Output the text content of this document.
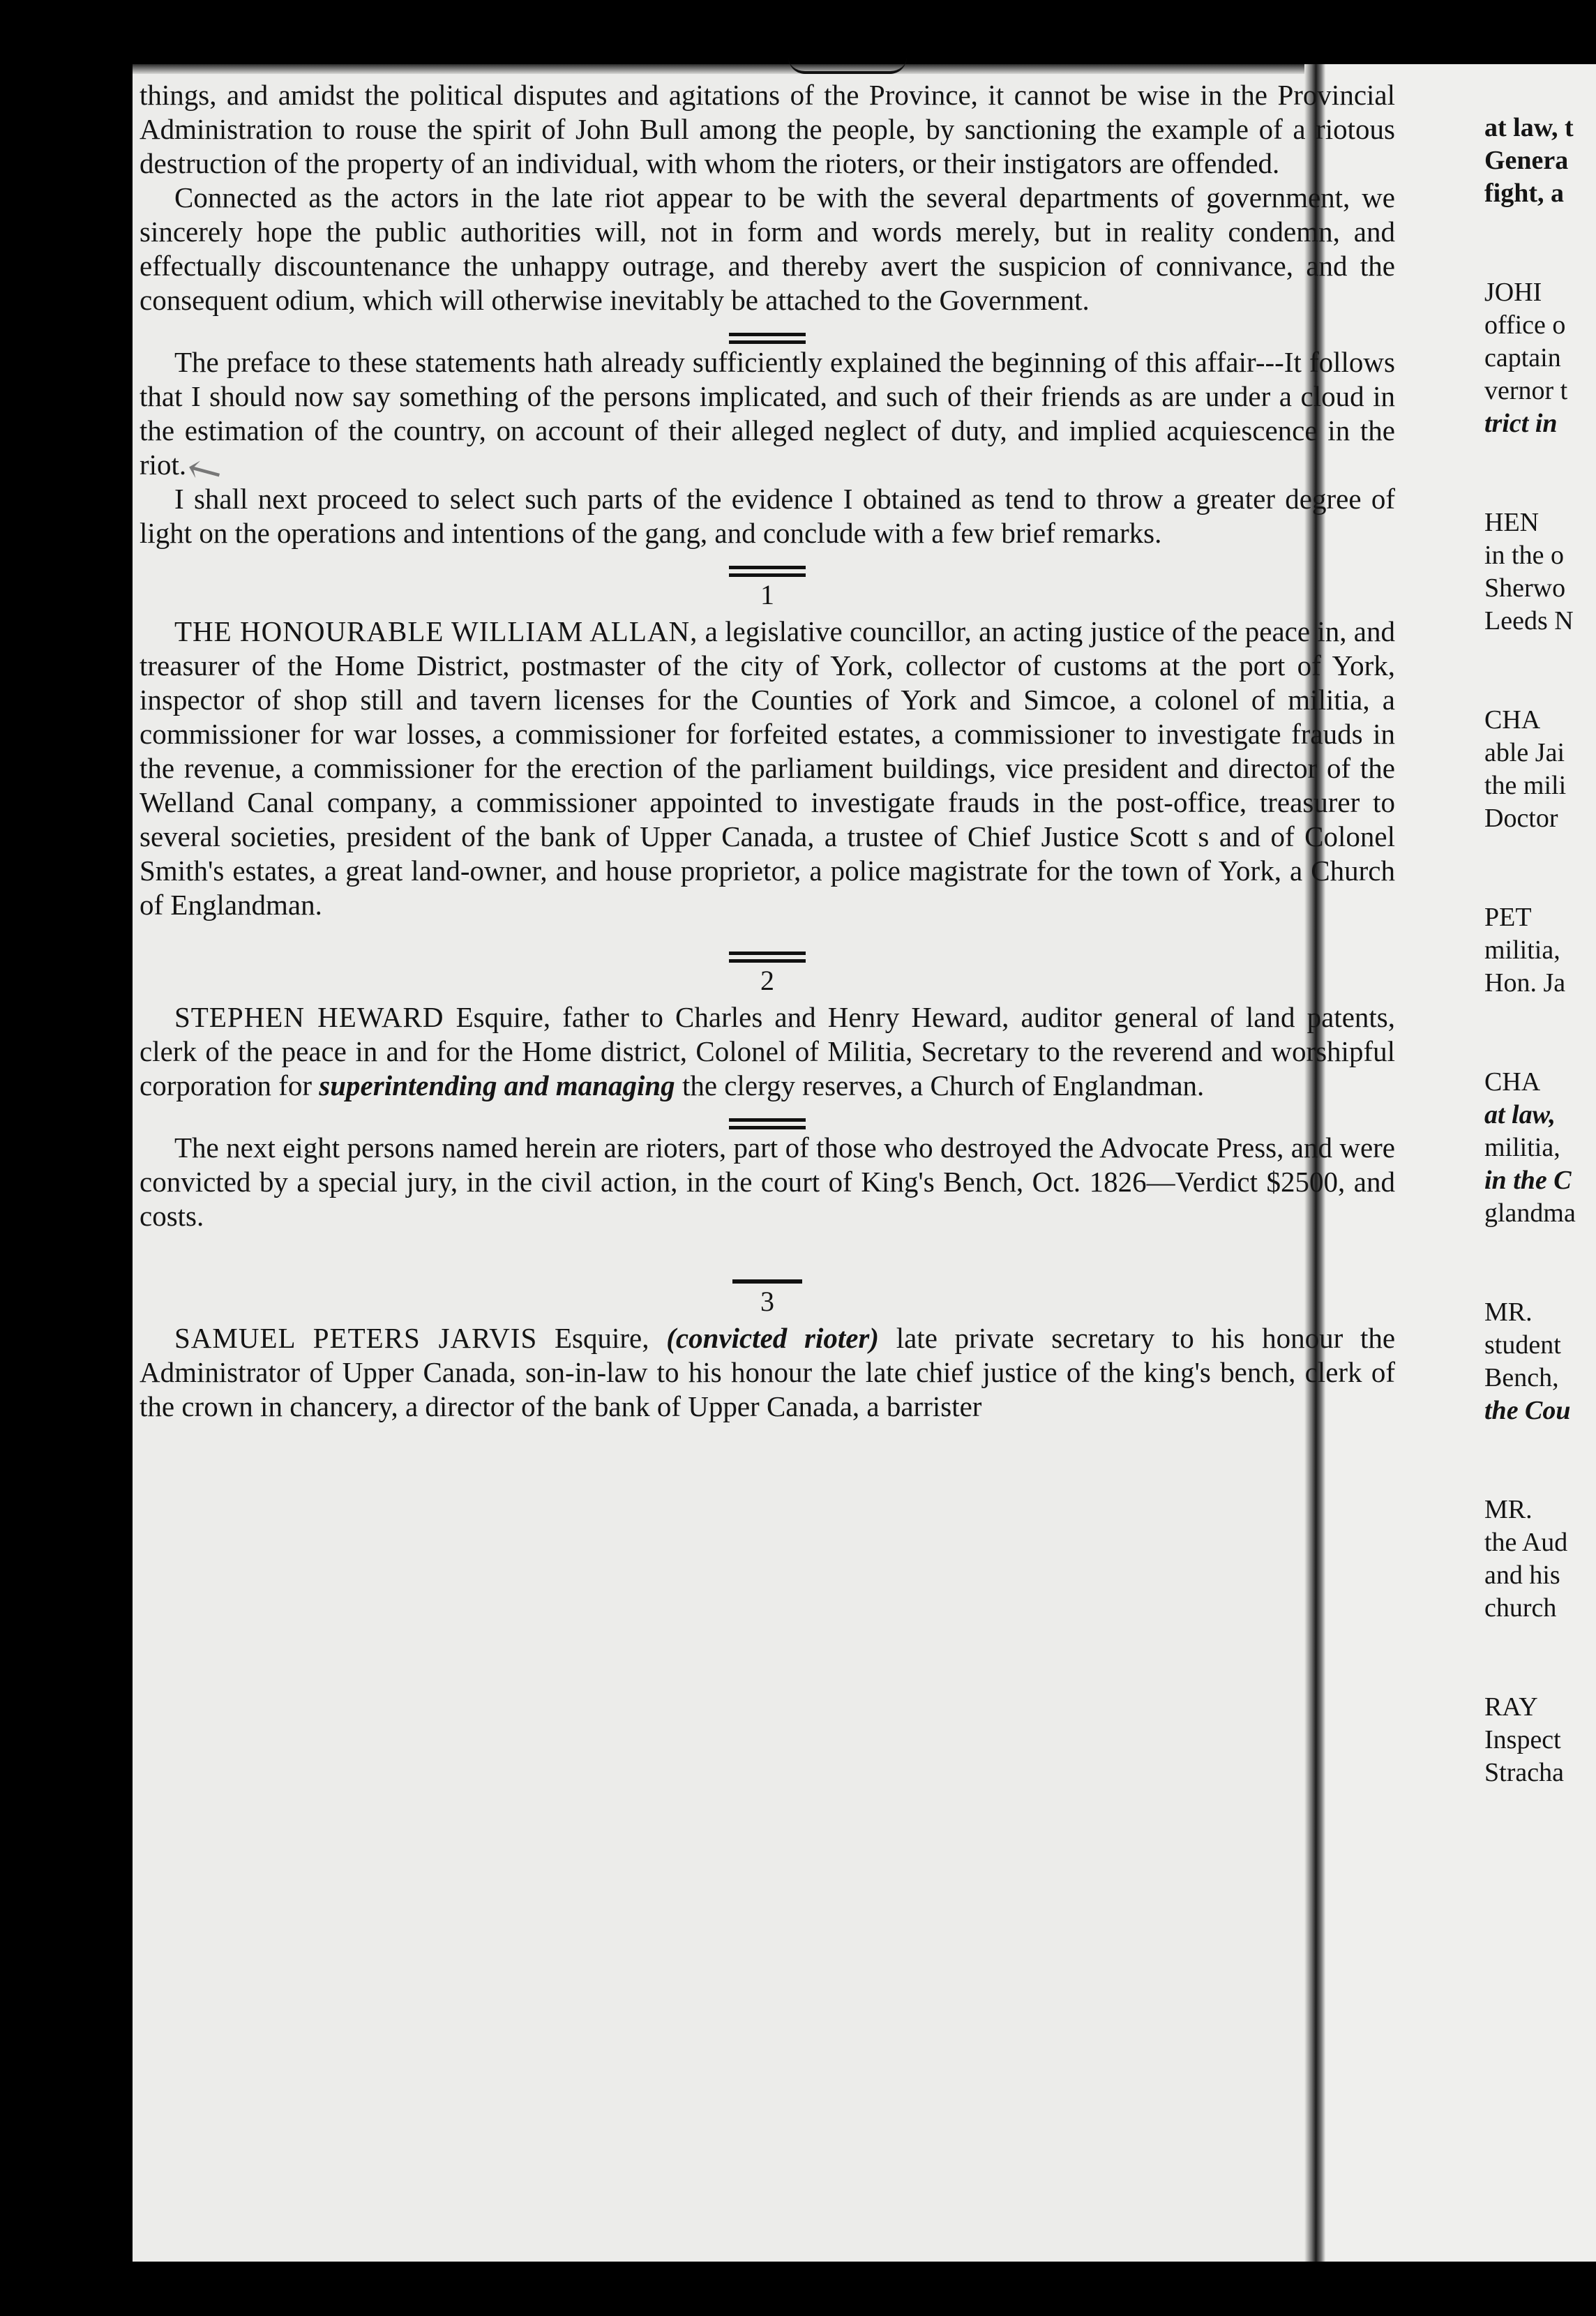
↖

things, and amidst the political disputes and agitations of the Province, it cannot be wise in the Provincial Administration to rouse the spirit of John Bull among the people, by sanctioning the example of a riotous destruction of the property of an individual, with whom the rioters, or their instigators are offended.

Connected as the actors in the late riot appear to be with the several departments of government, we sincerely hope the public authorities will, not in form and words merely, but in reality condemn, and effectually discountenance the unhappy outrage, and thereby avert the suspicion of connivance, and the consequent odium, which will otherwise inevitably be attached to the Government.

The preface to these statements hath already sufficiently explained the beginning of this affair---It follows that I should now say something of the persons implicated, and such of their friends as are under a cloud in the estimation of the country, on account of their alleged neglect of duty, and implied acquiescence in the riot.

I shall next proceed to select such parts of the evidence I obtained as tend to throw a greater degree of light on the operations and intentions of the gang, and conclude with a few brief remarks.

1

THE HONOURABLE WILLIAM ALLAN, a legislative councillor, an acting justice of the peace in, and treasurer of the Home District, postmaster of the city of York, collector of customs at the port of York, inspector of shop still and tavern licenses for the Counties of York and Simcoe, a colonel of militia, a commissioner for war losses, a commissioner for forfeited estates, a commissioner to investigate frauds in the revenue, a commissioner for the erection of the parliament buildings, vice president and director of the Welland Canal company, a commissioner appointed to investigate frauds in the post-office, treasurer to several societies, president of the bank of Upper Canada, a trustee of Chief Justice Scott s and of Colonel Smith's estates, a great land-owner, and house proprietor, a police magistrate for the town of York, a Church of Englandman.

2

STEPHEN HEWARD Esquire, father to Charles and Henry Heward, auditor general of land patents, clerk of the peace in and for the Home district, Colonel of Militia, Secretary to the reverend and worshipful corporation for superintending and managing the clergy reserves, a Church of Englandman.

The next eight persons named herein are rioters, part of those who destroyed the Advocate Press, and were convicted by a special jury, in the civil action, in the court of King's Bench, Oct. 1826—Verdict $2500, and costs.

3

SAMUEL PETERS JARVIS Esquire, (convicted rioter) late private secretary to his honour the Administrator of Upper Canada, son-in-law to his honour the late chief justice of the king's bench, clerk of the crown in chancery, a director of the bank of Upper Canada, a barrister

at law, t
Genera
fight, a
JOHI
office o
captain
vernor t
trict in
HEN
in the o
Sherwo
Leeds N
CHA
able Jai
the mili
Doctor
PET
militia,
Hon. Ja
CHA
at law,
militia,
in the C
glandma
MR.
student
Bench,
the Cou
MR.
the Aud
and his
church
RAY
Inspect
Stracha
